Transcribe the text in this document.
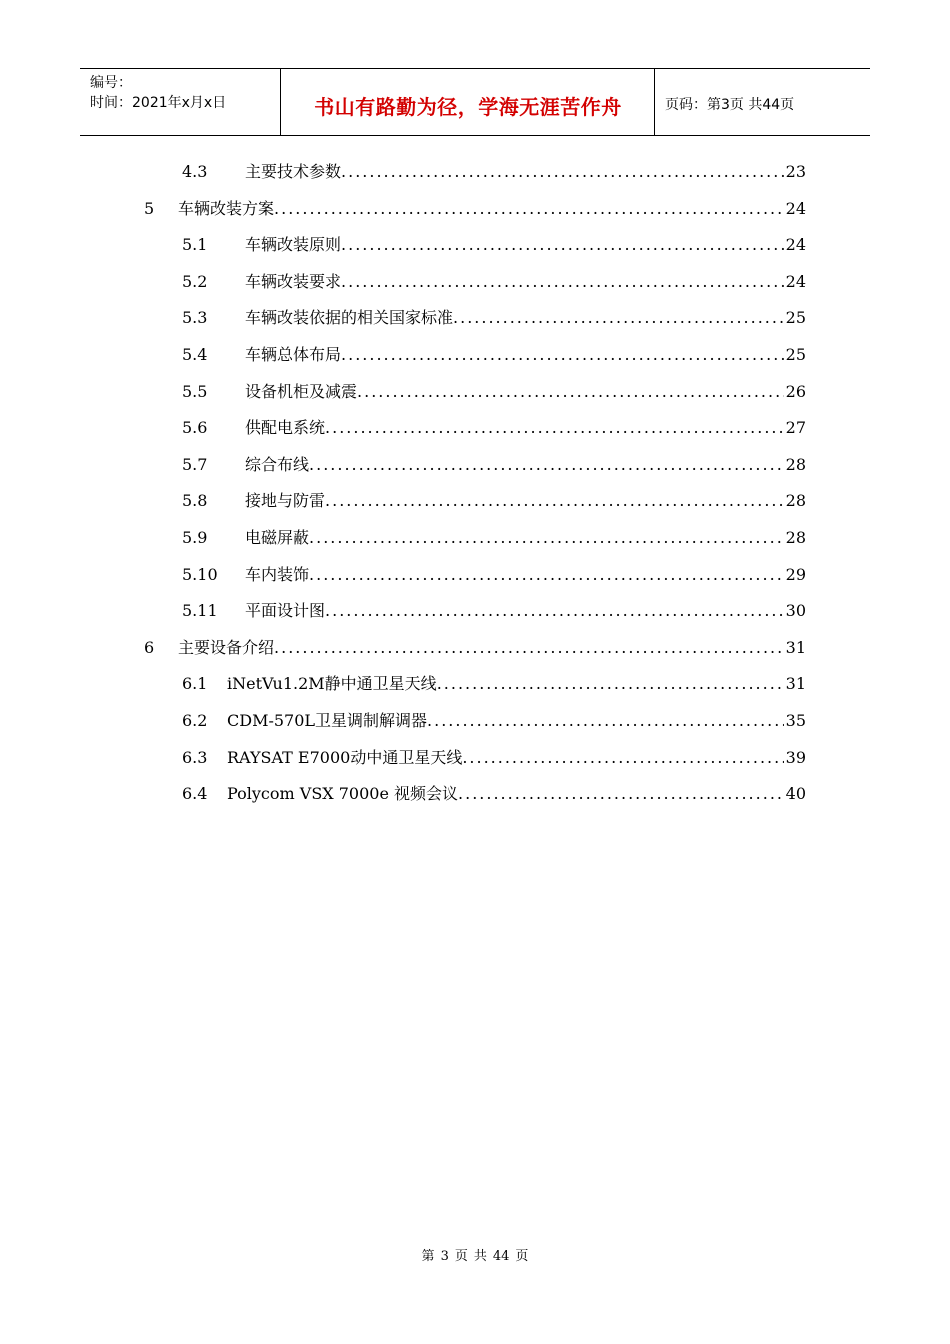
编号：
时间：2021年x月x日	书山有路勤为径，学海无涯苦作舟	页码：第3页 共44页
4.3	主要技术参数 .....	23
5	车辆改装方案 .....	24
5.1	车辆改装原则 .....	24
5.2	车辆改装要求 .....	24
5.3	车辆改装依据的相关国家标准 .....	25
5.4	车辆总体布局 .....	25
5.5	设备机柜及减震 .....	26
5.6	供配电系统 .....	27
5.7	综合布线 .....	28
5.8	接地与防雷 .....	28
5.9	电磁屏蔽 .....	28
5.10	车内装饰 .....	29
5.11	平面设计图 .....	30
6	主要设备介绍 .....	31
6.1	iNetVu1.2M静中通卫星天线 .....	31
6.2	CDM-570L卫星调制解调器 .....	35
6.3	RAYSAT E7000动中通卫星天线 .....	39
6.4	Polycom VSX 7000e 视频会议 .....	40
第 3 页 共 44 页
